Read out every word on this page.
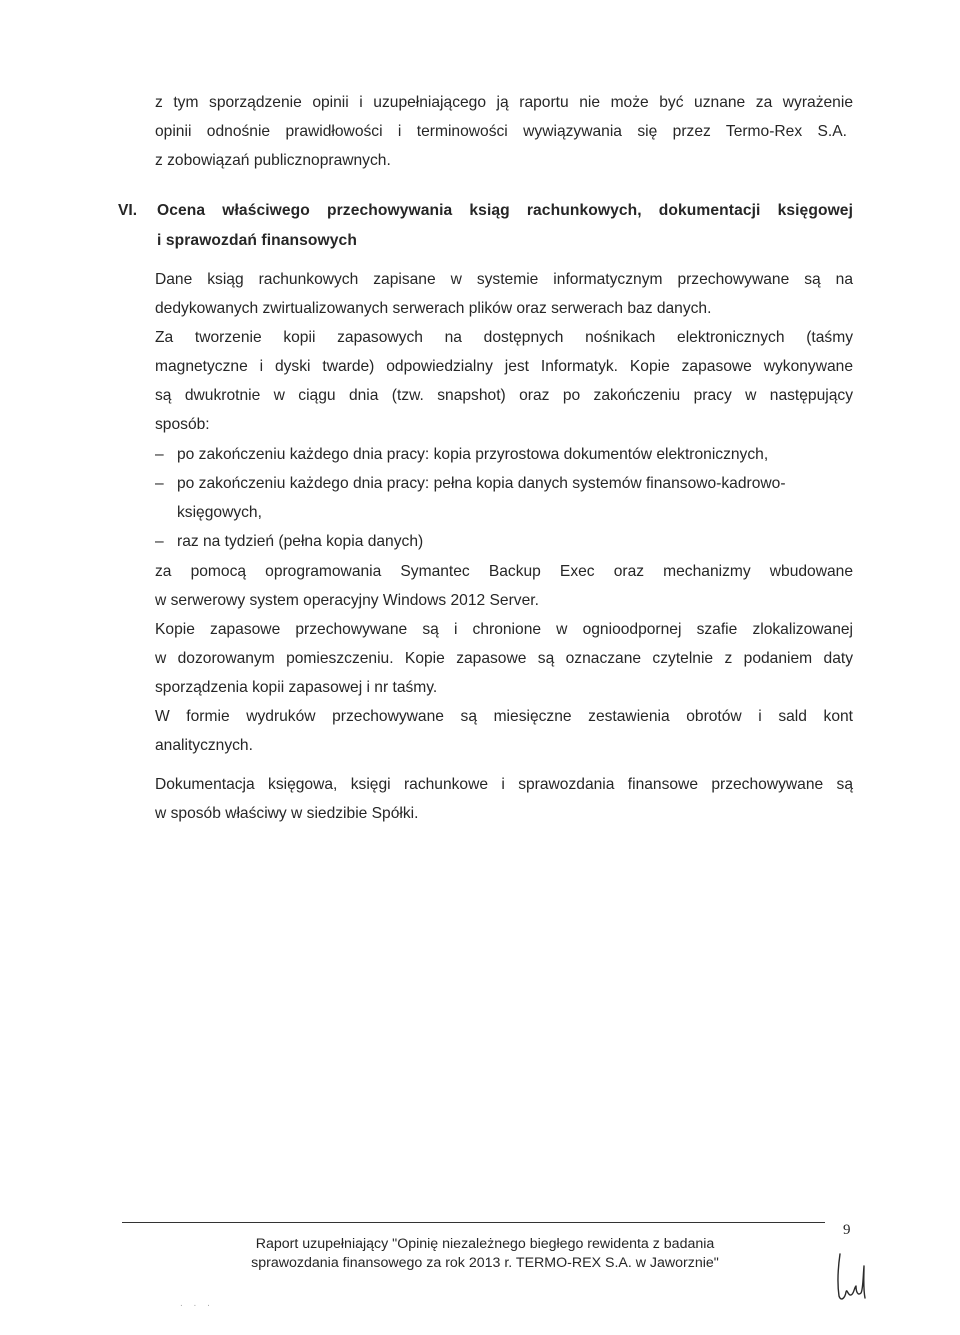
z tym sporządzenie opinii i uzupełniającego ją raportu nie może być uznane za wyrażenie
opinii odnośnie prawidłowości i terminowości wywiązywania się przez Termo-Rex S.A.
z zobowiązań publicznoprawnych.
VI. Ocena właściwego przechowywania ksiąg rachunkowych, dokumentacji księgowej
i sprawozdań finansowych
Dane ksiąg rachunkowych zapisane w systemie informatycznym przechowywane są na
dedykowanych zwirtualizowanych serwerach plików oraz serwerach baz danych.
Za tworzenie kopii zapasowych na dostępnych nośnikach elektronicznych (taśmy
magnetyczne i dyski twarde) odpowiedzialny jest Informatyk. Kopie zapasowe wykonywane
są dwukrotnie w ciągu dnia (tzw. snapshot) oraz po zakończeniu pracy w następujący
sposób:
– po zakończeniu każdego dnia pracy: kopia przyrostowa dokumentów elektronicznych,
– po zakończeniu każdego dnia pracy: pełna kopia danych systemów finansowo-kadrowo-
księgowych,
– raz na tydzień (pełna kopia danych)
za pomocą oprogramowania Symantec Backup Exec oraz mechanizmy wbudowane
w serwerowy system operacyjny Windows 2012 Server.
Kopie zapasowe przechowywane są i chronione w ognioodpornej szafie zlokalizowanej
w dozorowanym pomieszczeniu. Kopie zapasowe są oznaczane czytelnie z podaniem daty
sporządzenia kopii zapasowej i nr taśmy.
W formie wydruków przechowywane są miesięczne zestawienia obrotów i sald kont
analitycznych.
Dokumentacja księgowa, księgi rachunkowe i sprawozdania finansowe przechowywane są
w sposób właściwy w siedzibie Spółki.
9
Raport uzupełniający "Opinię niezależnego biegłego rewidenta z badania
sprawozdania finansowego za rok 2013 r. TERMO-REX S.A. w Jaworznie"
. . .
